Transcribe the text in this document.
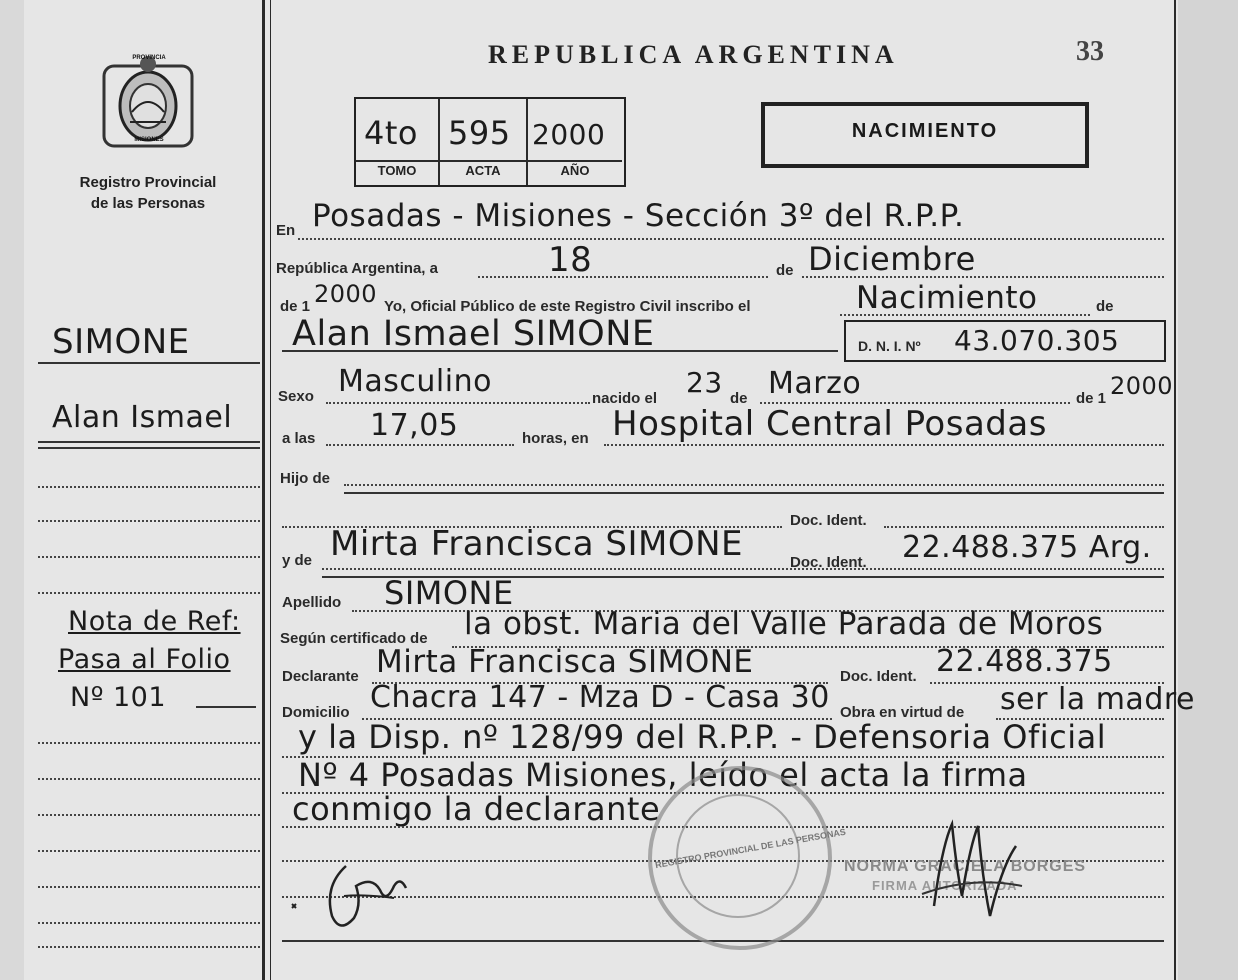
PROVINCIA
MISIONES
Registro Provincial
de las Personas
REPUBLICA ARGENTINA	33
4to 595 2000
TOMO	ACTA	AÑO
NACIMIENTO
SIMONE
Alan Ismael
Nota de Ref:
Pasa al Folio
Nº 101
En Posadas - Misiones - Sección 3º del R.P.P.
República Argentina, a	18	de Diciembre
de 1 2000 Yo, Oficial Público de este Registro Civil inscribo el	Nacimiento	de
Alan Ismael SIMONE	D. N. I. Nº 43.070.305
Sexo Masculino	nacido el 23 de Marzo	de 1 2000
a las 17,05	horas, en Hospital Central Posadas
Hijo de
Doc. Ident.
y de Mirta Francisca SIMONE	Doc. Ident. 22.488.375 Arg.
Apellido SIMONE
Según certificado de la obst. Maria del Valle Parada de Moros
Declarante Mirta Francisca SIMONE	Doc. Ident. 22.488.375
Domicilio Chacra 147 - Mza D - Casa 30 Obra en virtud de ser la madre
y la Disp. nº 128/99 del R.P.P. - Defensoria Oficial
Nº 4 Posadas Misiones, leído el acta la firma
conmigo la declarante
REGISTRO PROVINCIAL DE LAS PERSONAS
NORMA GRACIELA BORGES
FIRMA AUTORIZADA
